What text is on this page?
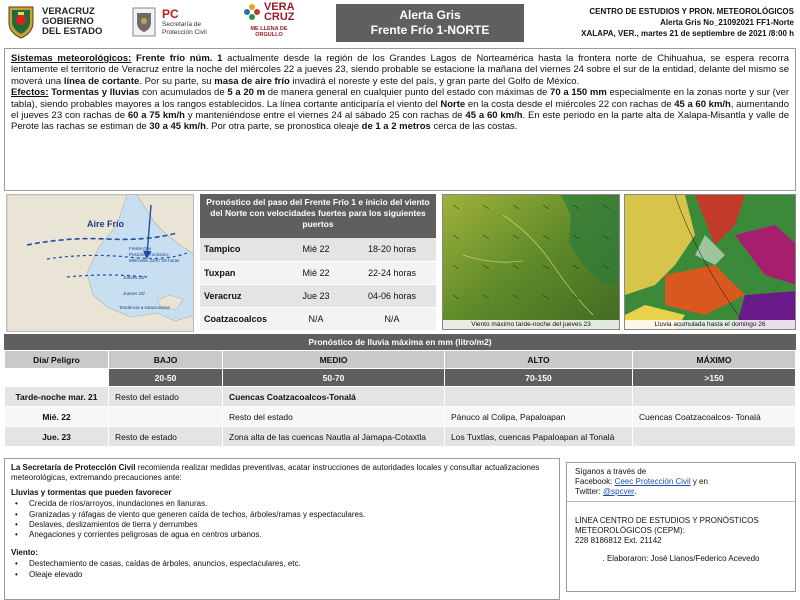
VERACRUZ
GOBIERNO
DEL ESTADO
PC
Secretaría de
Protección Civil
VERA
CRUZ
ME LLENA DE ORGULLO
Alerta Gris
Frente Frío 1-NORTE
CENTRO DE ESTUDIOS Y PRON. METEOROLÓGICOS
Alerta Gris No_21092021 FF1-Norte
XALAPA, VER., martes 21 de septiembre de 2021 /8:00 h

Sistemas meteorológicos: Frente frío núm. 1 actualmente desde la región de los Grandes Lagos de Norteamérica hasta la frontera norte de Chihuahua, se espera recorra lentamente el territorio de Veracruz entre la noche del miércoles 22 a jueves 23, siendo probable se estacione la mañana del viernes 24 sobre el sur de la entidad, delante del mismo se moverá una línea de cortante. Por su parte, su masa de aire frío invadirá el noreste y este del país, y gran parte del Golfo de México.

Efectos: Tormentas y lluvias con acumulados de 5 a 20 m de manera general en cualquier punto del estado con máximas de 70 a 150 mm especialmente en la zonas norte y sur (ver tabla), siendo probables mayores a los rangos establecidos. La línea cortante anticiparía el viento del Norte en la costa desde el miércoles 22 con rachas de 45 a 60 km/h, aumentando el jueves 23 con rachas de 60 a 75 km/h y manteniéndose entre el viernes 24 al sábado 25 con rachas de 45 a 60 km/h. En este periodo en la parte alta de Xalapa-Misantla y valle de Perote las rachas se estiman de 30 a 45 km/h. Por otra parte, se pronostica oleaje de 1 a 2 metros cerca de las costas.

Aire Frío
Frente Frío
Posición Pronóstico
Miércoles 22/07:00 horas
Jueves 23/
Jueves 23/
Tendencia a estacionarse
Pronóstico del paso del Frente Frío 1 e inicio del viento del Norte con velocidades fuertes para los siguientes puertos
Tampico	Mié 22	18-20 horas
Tuxpan	Mié 22	22-24 horas
Veracruz	Jue 23	04-06 horas
Coatzacoalcos	N/A	N/A
Viento máximo tarde-noche del jueves 23	Lluvia acumulada hasta el domingo 26
Pronóstico de lluvia máxima en mm (litro/m2)
Día/ Peligro	BAJO	MEDIO	ALTO	MÁXIMO
	20-50	50-70	70-150	>150
Tarde-noche mar. 21	Resto del estado	Cuencas Coatzacoalcos-Tonalá		
Mié. 22		Resto del estado	Pánuco al Colipa, Papaloapan	Cuencas Coatzacoalcos- Tonalá
Jue. 23	Resto de estado	Zona alta de las cuencas Nautla al Jamapa-Cotaxtla	Los Tuxtlas, cuencas Papaloapan al Tonalá	
La Secretaría de Protección Civil recomienda realizar medidas preventivas, acatar instrucciones de autoridades locales y consultar actualizaciones meteorológicas, extremando precauciones ante:
Lluvias y tormentas que pueden favorecer
• Crecida de ríos/arroyos, inundaciones en llanuras.
• Granizadas y ráfagas de viento que generen caída de techos, árboles/ramas y espectaculares.
• Deslaves, deslizamientos de tierra y derrumbes
• Anegaciones y corrientes peligrosas de agua en centros urbanos.
Viento:
• Destechamiento de casas, caídas de árboles, anuncios, espectaculares, etc.
• Oleaje elevado
Síganos a través de
Facebook: Ceec Protección Civil y en
Twitter: @spcver.
LÍNEA CENTRO DE ESTUDIOS Y PRONÓSTICOS METEOROLÓGICOS (CEPM):
228 8186812 Ext. 21142
. Elaboraron: José Llanos/Federico Acevedo
